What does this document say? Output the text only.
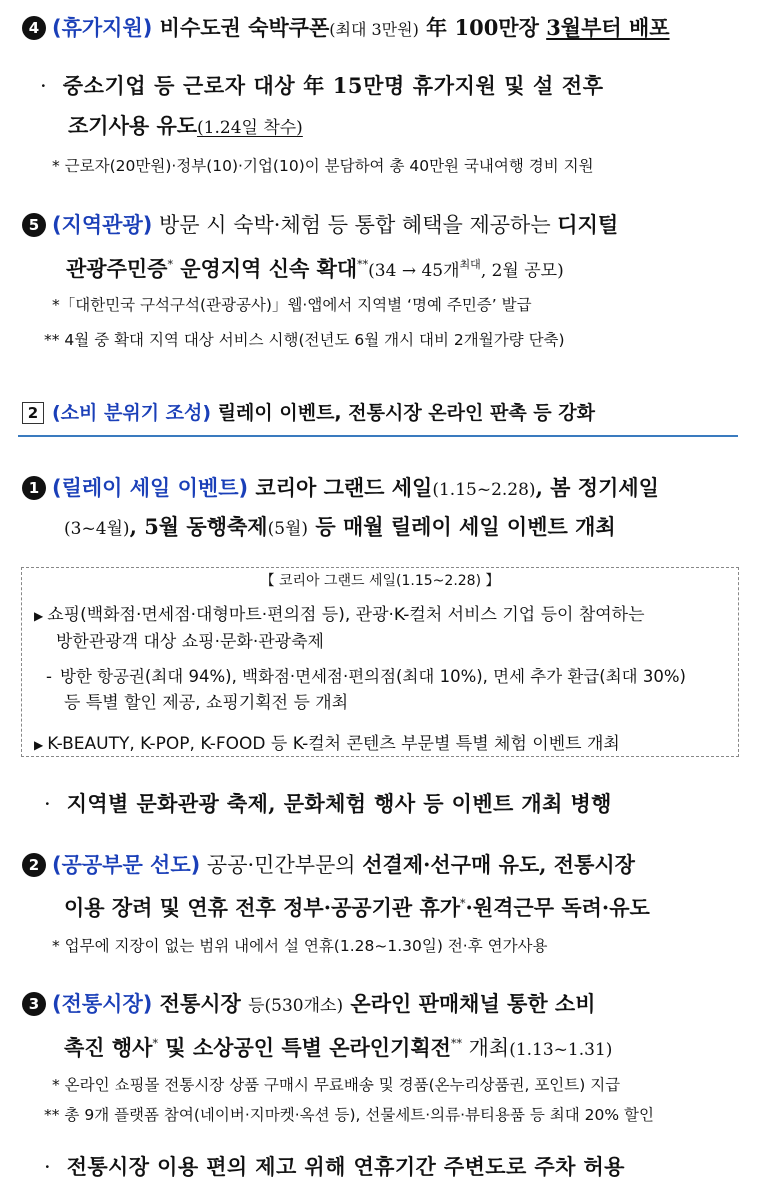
4 (휴가지원) 비수도권 숙박쿠폰(최대 3만원) 年 100만장 3월부터 배포
· 중소기업 등 근로자 대상 年 15만명 휴가지원 및 설 전후
조기사용 유도(1.24일 착수)
* 근로자(20만원)·정부(10)·기업(10)이 분담하여 총 40만원 국내여행 경비 지원
5 (지역관광) 방문 시 숙박·체험 등 통합 혜택을 제공하는 디지털
관광주민증* 운영지역 신속 확대**(34 → 45개$^{최대}$, 2월 공모)
*「대한민국 구석구석(관광공사)」웹·앱에서 지역별 ‘명예 주민증’ 발급
** 4월 중 확대 지역 대상 서비스 시행(전년도 6월 개시 대비 2개월가량 단축)
2 (소비 분위기 조성) 릴레이 이벤트, 전통시장 온라인 판촉 등 강화
1 (릴레이 세일 이벤트) 코리아 그랜드 세일(1.15~2.28), 봄 정기세일
(3~4월), 5월 동행축제(5월) 등 매월 릴레이 세일 이벤트 개최
【 코리아 그랜드 세일(1.15~2.28) 】
▶ 쇼핑(백화점·면세점·대형마트·편의점 등), 관광·K-컬처 서비스 기업 등이 참여하는
방한관광객 대상 쇼핑·문화·관광축제
- 방한 항공권(최대 94%), 백화점·면세점·편의점(최대 10%), 면세 추가 환급(최대 30%)
등 특별 할인 제공, 쇼핑기획전 등 개최
▶ K-BEAUTY, K-POP, K-FOOD 등 K-컬처 콘텐츠 부문별 특별 체험 이벤트 개최
· 지역별 문화관광 축제, 문화체험 행사 등 이벤트 개최 병행
2 (공공부문 선도) 공공·민간부문의 선결제·선구매 유도, 전통시장
이용 장려 및 연휴 전후 정부·공공기관 휴가*·원격근무 독려·유도
* 업무에 지장이 없는 범위 내에서 설 연휴(1.28~1.30일) 전·후 연가사용
3 (전통시장) 전통시장 등(530개소) 온라인 판매채널 통한 소비
촉진 행사* 및 소상공인 특별 온라인기획전** 개최(1.13~1.31)
* 온라인 쇼핑몰 전통시장 상품 구매시 무료배송 및 경품(온누리상품권, 포인트) 지급
** 총 9개 플랫폼 참여(네이버·지마켓·옥션 등), 선물세트·의류·뷰티용품 등 최대 20% 할인
· 전통시장 이용 편의 제고 위해 연휴기간 주변도로 주차 허용
